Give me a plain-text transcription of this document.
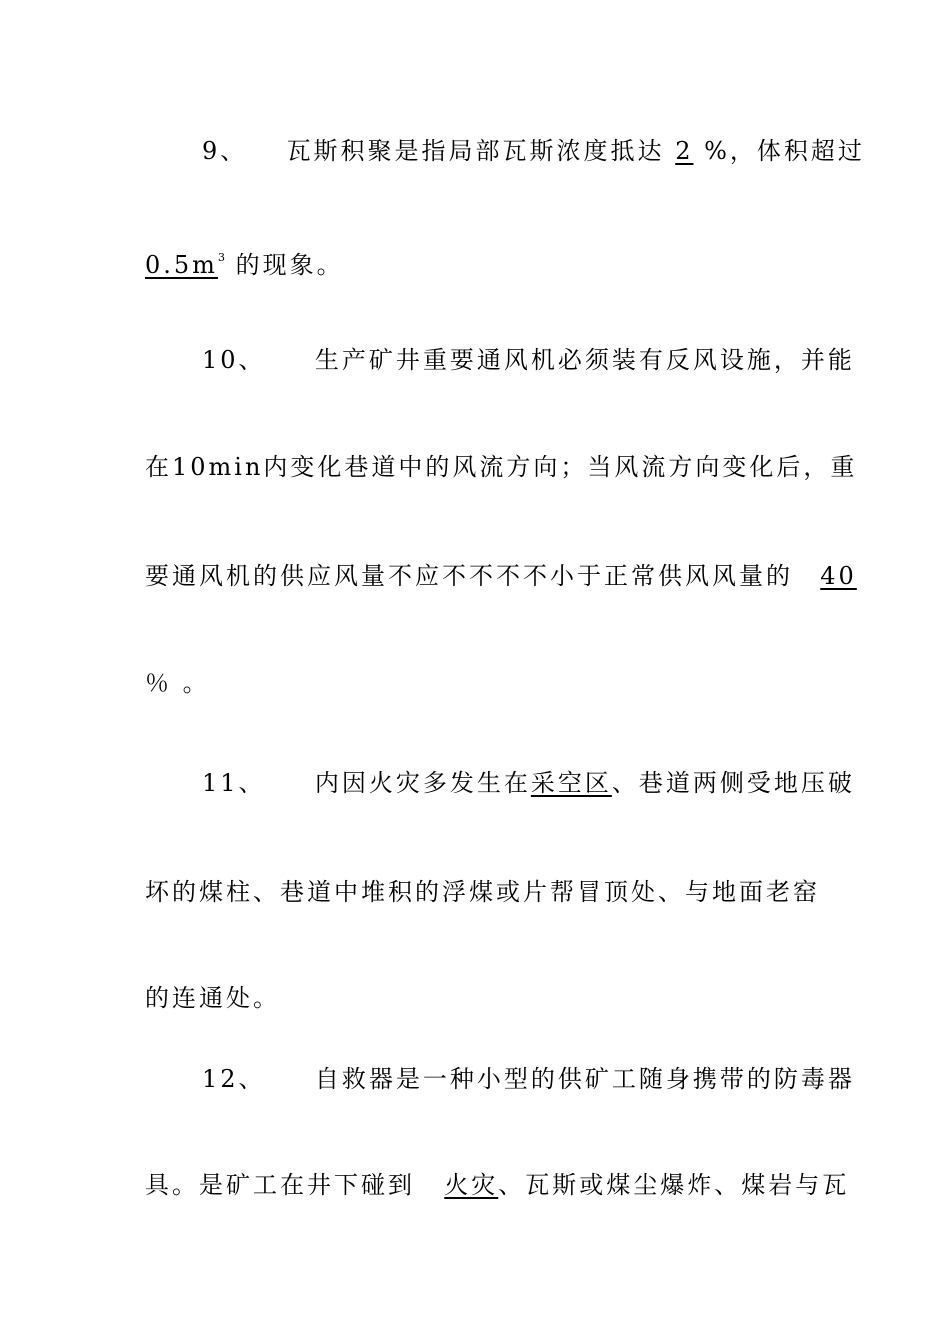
9、 瓦斯积聚是指局部瓦斯浓度抵达 2 %，体积超过
$0.5m^3$ 的现象。
10、 生产矿井重要通风机必须装有反风设施，并能
在10min内变化巷道中的风流方向；当风流方向变化后，重
要通风机的供应风量不应不不不不小于正常供风风量的 40
％ 。
11、 内因火灾多发生在采空区、巷道两侧受地压破
坏的煤柱、巷道中堆积的浮煤或片帮冒顶处、与地面老窑
的连通处。
12、 自救器是一种小型的供矿工随身携带的防毒器
具。是矿工在井下碰到 火灾、瓦斯或煤尘爆炸、煤岩与瓦
